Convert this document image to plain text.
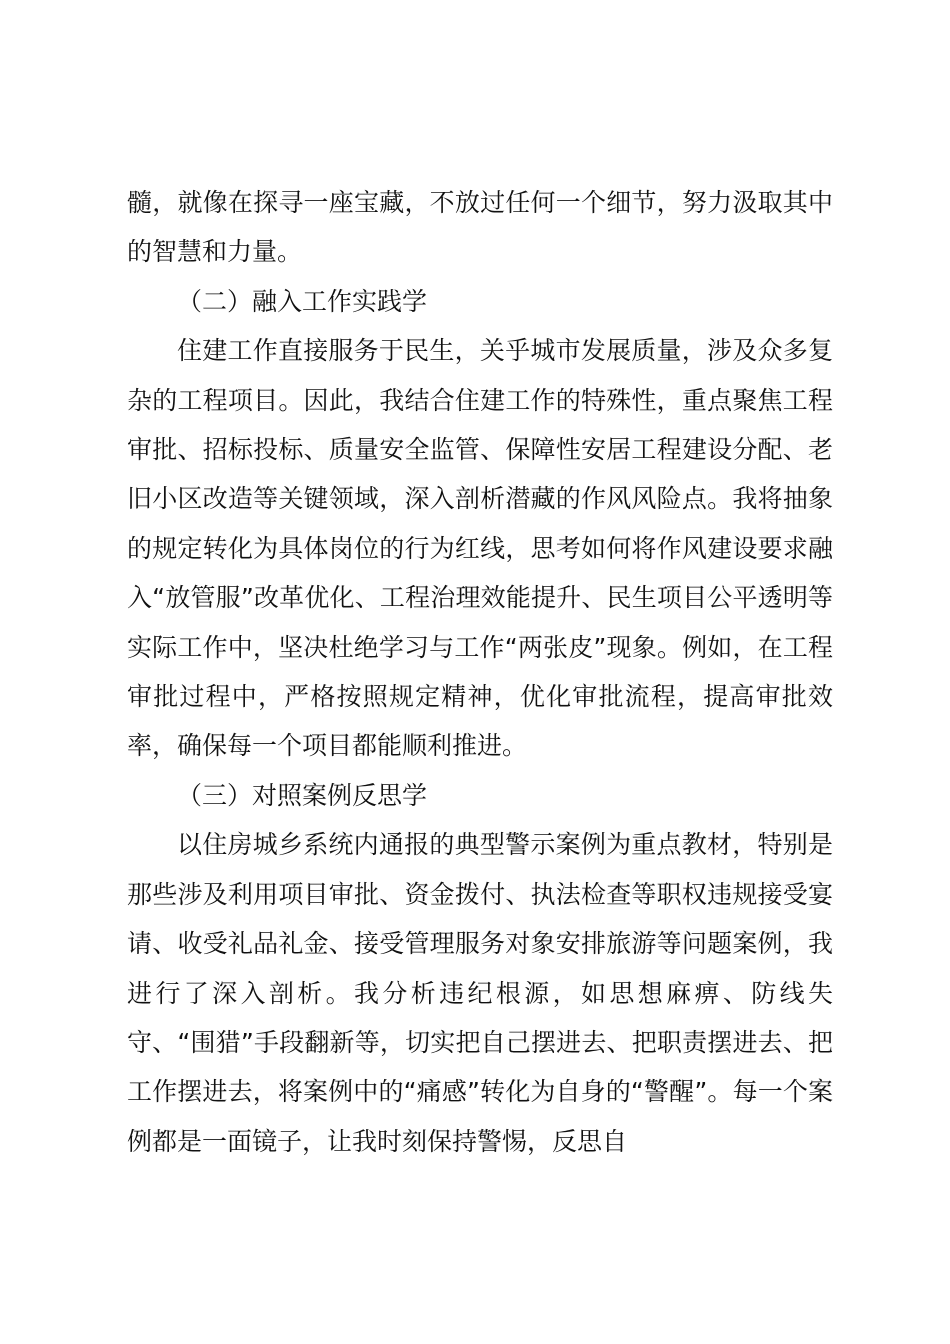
髓，就像在探寻一座宝藏，不放过任何一个细节，努力汲取其中的智慧和力量。

（二）融入工作实践学

住建工作直接服务于民生，关乎城市发展质量，涉及众多复杂的工程项目。因此，我结合住建工作的特殊性，重点聚焦工程审批、招标投标、质量安全监管、保障性安居工程建设分配、老旧小区改造等关键领域，深入剖析潜藏的作风风险点。我将抽象的规定转化为具体岗位的行为红线，思考如何将作风建设要求融入“放管服”改革优化、工程治理效能提升、民生项目公平透明等实际工作中，坚决杜绝学习与工作“两张皮”现象。例如，在工程审批过程中，严格按照规定精神，优化审批流程，提高审批效率，确保每一个项目都能顺利推进。

（三）对照案例反思学

以住房城乡系统内通报的典型警示案例为重点教材，特别是那些涉及利用项目审批、资金拨付、执法检查等职权违规接受宴请、收受礼品礼金、接受管理服务对象安排旅游等问题案例，我进行了深入剖析。我分析违纪根源，如思想麻痹、防线失守、“围猎”手段翻新等，切实把自己摆进去、把职责摆进去、把工作摆进去，将案例中的“痛感”转化为自身的“警醒”。每一个案例都是一面镜子，让我时刻保持警惕，反思自
